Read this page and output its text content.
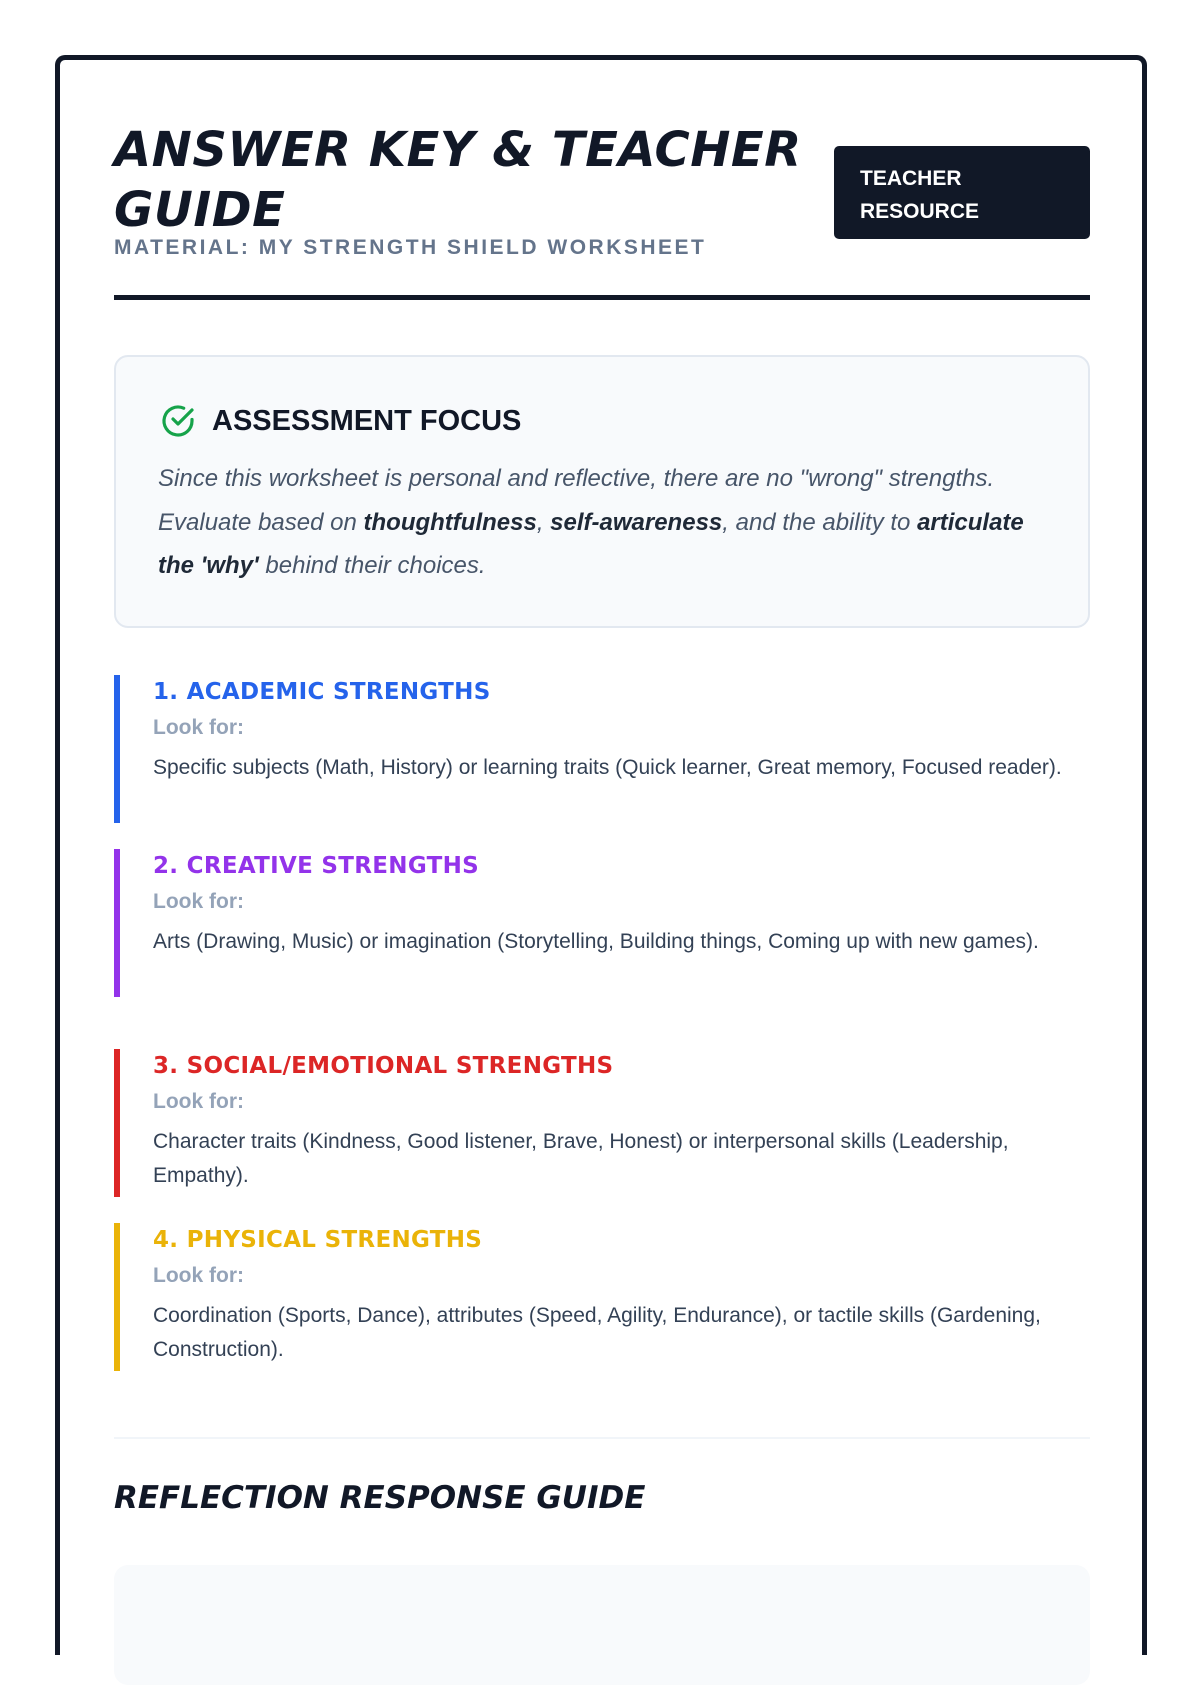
ANSWER KEY & TEACHER GUIDE
MATERIAL: MY STRENGTH SHIELD WORKSHEET
TEACHER RESOURCE
ASSESSMENT FOCUS

Since this worksheet is personal and reflective, there are no "wrong" strengths. Evaluate based on thoughtfulness, self-awareness, and the ability to articulate the 'why' behind their choices.

1. ACADEMIC STRENGTHS
Look for:
Specific subjects (Math, History) or learning traits (Quick learner, Great memory, Focused reader).
2. CREATIVE STRENGTHS
Look for:
Arts (Drawing, Music) or imagination (Storytelling, Building things, Coming up with new games).
3. SOCIAL/EMOTIONAL STRENGTHS
Look for:
Character traits (Kindness, Good listener, Brave, Honest) or interpersonal skills (Leadership, Empathy).
4. PHYSICAL STRENGTHS
Look for:
Coordination (Sports, Dance), attributes (Speed, Agility, Endurance), or tactile skills (Gardening, Construction).
REFLECTION RESPONSE GUIDE
